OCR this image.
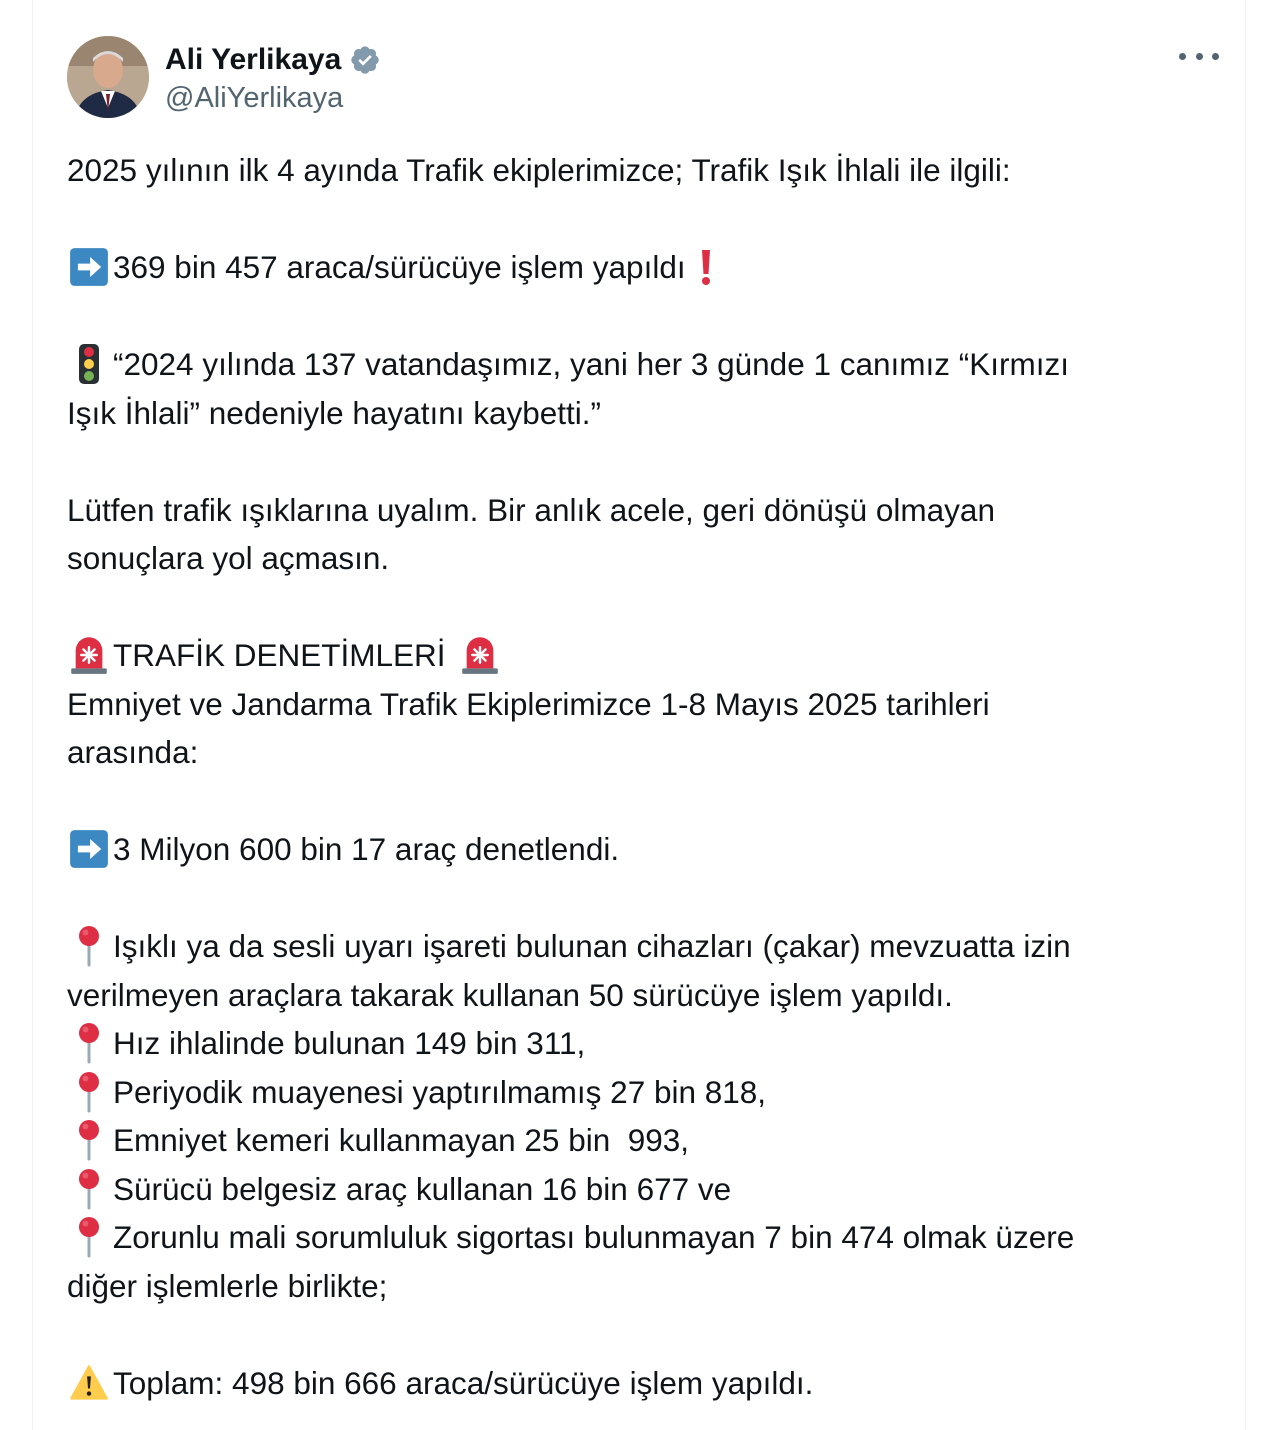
Ali Yerlikaya
@AliYerlikaya
2025 yılının ilk 4 ayında Trafik ekiplerimizce; Trafik Işık İhlali ile ilgili:
369 bin 457 araca/sürücüye işlem yapıldı
“2024 yılında 137 vatandaşımız, yani her 3 günde 1 canımız “Kırmızı
Işık İhlali” nedeniyle hayatını kaybetti.”
Lütfen trafik ışıklarına uyalım. Bir anlık acele, geri dönüşü olmayan
sonuçlara yol açmasın.
TRAFİK DENETİMLERİ
Emniyet ve Jandarma Trafik Ekiplerimizce 1-8 Mayıs 2025 tarihleri
arasında:
3 Milyon 600 bin 17 araç denetlendi.
Işıklı ya da sesli uyarı işareti bulunan cihazları (çakar) mevzuatta izin
verilmeyen araçlara takarak kullanan 50 sürücüye işlem yapıldı.
Hız ihlalinde bulunan 149 bin 311,
Periyodik muayenesi yaptırılmamış 27 bin 818,
Emniyet kemeri kullanmayan 25 bin  993,
Sürücü belgesiz araç kullanan 16 bin 677 ve
Zorunlu mali sorumluluk sigortası bulunmayan 7 bin 474 olmak üzere
diğer işlemlerle birlikte;
Toplam: 498 bin 666 araca/sürücüye işlem yapıldı.
